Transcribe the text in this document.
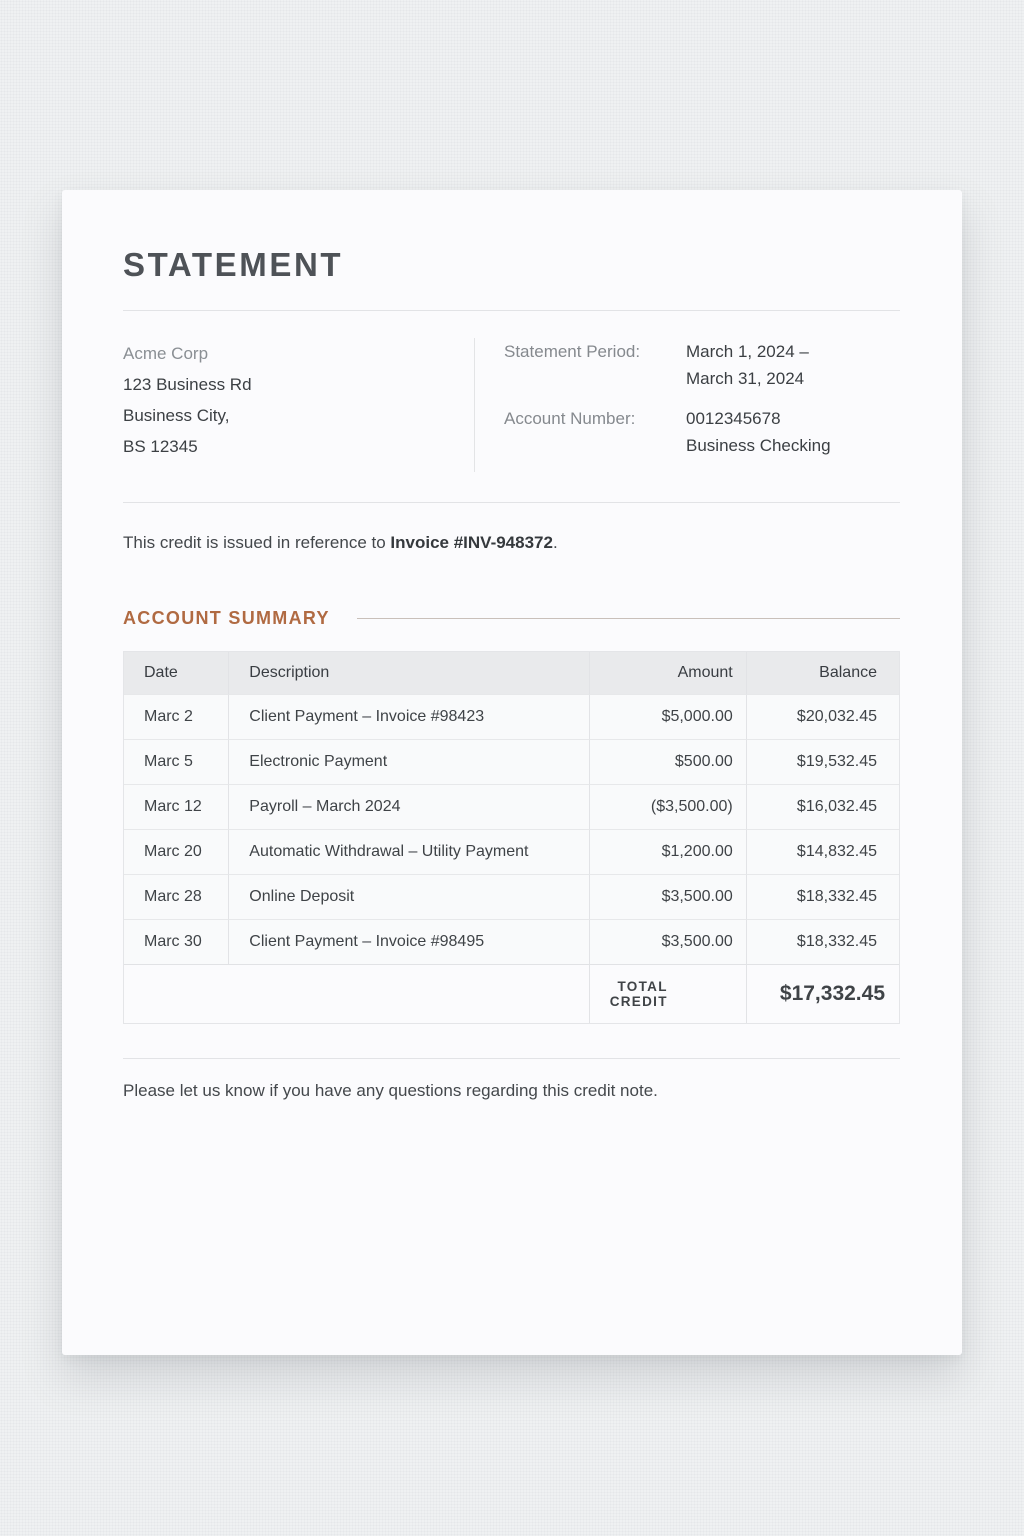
STATEMENT
Acme Corp
123 Business Rd
Business City,
BS 12345
Statement Period:	March 1, 2024 –
March 31, 2024
Account Number:	0012345678
Business Checking

This credit is issued in reference to Invoice #INV-948372.

ACCOUNT SUMMARY
Date	Description	Amount	Balance
Marc 2	Client Payment – Invoice #98423	$5,000.00	$20,032.45
Marc 5	Electronic Payment	$500.00	$19,532.45
Marc 12	Payroll – March 2024	($3,500.00)	$16,032.45
Marc 20	Automatic Withdrawal – Utility Payment	$1,200.00	$14,832.45
Marc 28	Online Deposit	$3,500.00	$18,332.45
Marc 30	Client Payment – Invoice #98495	$3,500.00	$18,332.45
		TOTAL CREDIT	$17,332.45

Please let us know if you have any questions regarding this credit note.
